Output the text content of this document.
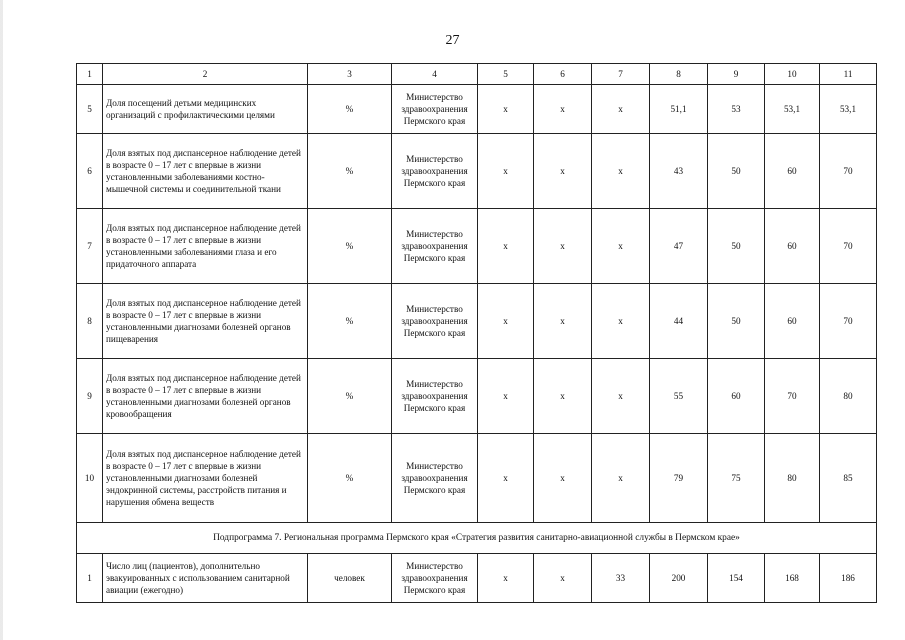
27
1	2	3	4	5	6	7	8	9	10	11
5	Доля посещений детьми медицинских организаций с профилактическими целями	%	Министерство здравоохранения Пермского края	х	х	х	51,1	53	53,1	53,1
6	Доля взятых под диспансерное наблюдение детей в возрасте 0 – 17 лет с впервые в жизни установленными заболеваниями костно-мышечной системы и соединительной ткани	%	Министерство здравоохранения Пермского края	х	х	х	43	50	60	70
7	Доля взятых под диспансерное наблюдение детей в возрасте 0 – 17 лет с впервые в жизни установленными заболеваниями глаза и его придаточного аппарата	%	Министерство здравоохранения Пермского края	х	х	х	47	50	60	70
8	Доля взятых под диспансерное наблюдение детей в возрасте 0 – 17 лет с впервые в жизни установленными диагнозами болезней органов пищеварения	%	Министерство здравоохранения Пермского края	х	х	х	44	50	60	70
9	Доля взятых под диспансерное наблюдение детей в возрасте 0 – 17 лет с впервые в жизни установленными диагнозами болезней органов кровообращения	%	Министерство здравоохранения Пермского края	х	х	х	55	60	70	80
10	Доля взятых под диспансерное наблюдение детей в возрасте 0 – 17 лет с впервые в жизни установленными диагнозами болезней эндокринной системы, расстройств питания и нарушения обмена веществ	%	Министерство здравоохранения Пермского края	х	х	х	79	75	80	85
Подпрограмма 7. Региональная программа Пермского края «Стратегия развития санитарно-авиационной службы в Пермском крае»										
1	Число лиц (пациентов), дополнительно эвакуированных с использованием санитарной авиации (ежегодно)	человек	Министерство здравоохранения Пермского края	х	х	33	200	154	168	186
